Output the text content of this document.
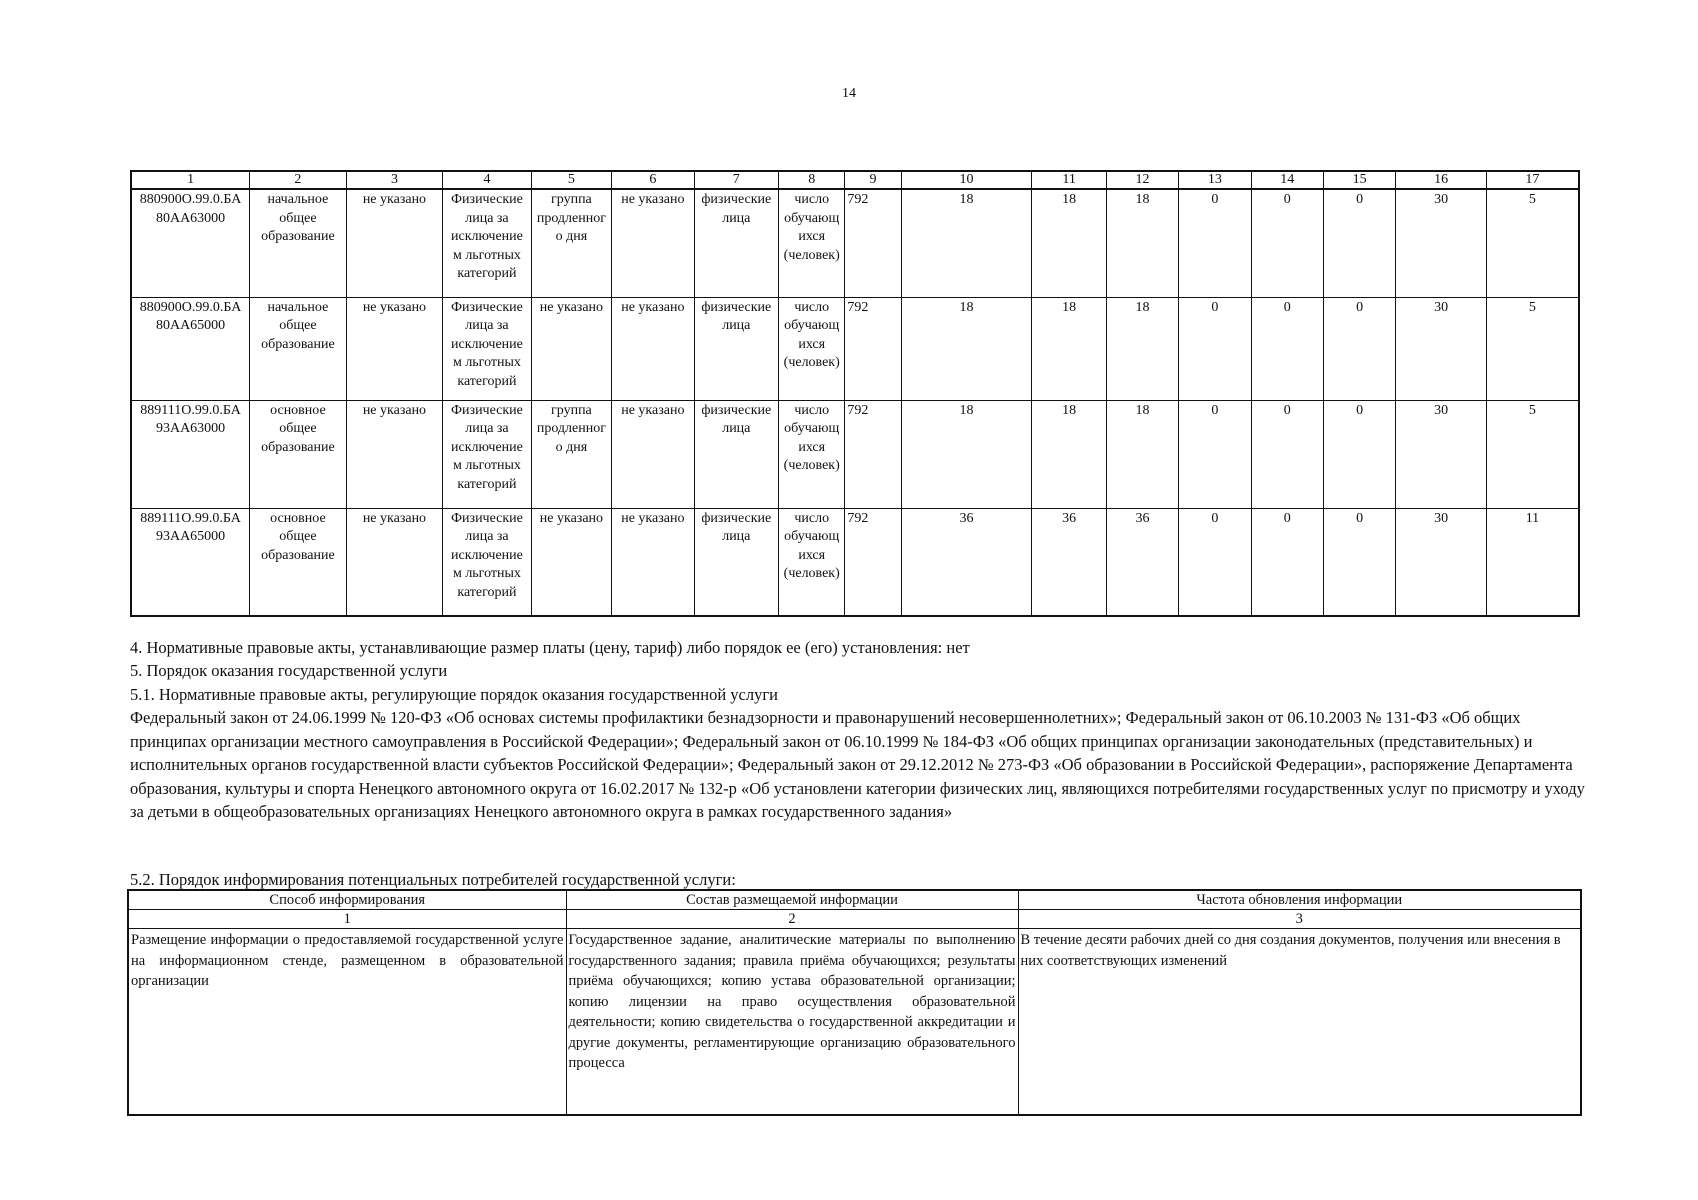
14
1	2	3	4	5	6	7	8	9	10	11	12	13	14	15	16	17
880900О.99.0.БА 80АА63000	начальное общее образование	не указано	Физические лица за исключение м льготных категорий	группа продленног о дня	не указано	физические лица	число обучающ ихся (человек)	792	18	18	18	0	0	0	30	5
880900О.99.0.БА 80АА65000	начальное общее образование	не указано	Физические лица за исключение м льготных категорий	не указано	не указано	физические лица	число обучающ ихся (человек)	792	18	18	18	0	0	0	30	5
889111О.99.0.БА 93АА63000	основное общее образование	не указано	Физические лица за исключение м льготных категорий	группа продленног о дня	не указано	физические лица	число обучающ ихся (человек)	792	18	18	18	0	0	0	30	5
889111О.99.0.БА 93АА65000	основное общее образование	не указано	Физические лица за исключение м льготных категорий	не указано	не указано	физические лица	число обучающ ихся (человек)	792	36	36	36	0	0	0	30	11
4. Нормативные правовые акты, устанавливающие размер платы (цену, тариф) либо порядок ее (его) установления: нет
5. Порядок оказания государственной услуги
5.1. Нормативные правовые акты, регулирующие порядок оказания государственной услуги
Федеральный закон от 24.06.1999 № 120-ФЗ «Об основах системы профилактики безнадзорности и правонарушений несовершеннолетних»; Федеральный закон от 06.10.2003 № 131-ФЗ «Об общих принципах организации местного самоуправления в Российской Федерации»; Федеральный закон от 06.10.1999 № 184-ФЗ «Об общих принципах организации законодательных (представительных) и исполнительных органов государственной власти субъектов Российской Федерации»; Федеральный закон от 29.12.2012 № 273-ФЗ «Об образовании в Российской Федерации», распоряжение Департамента образования, культуры и спорта Ненецкого автономного округа от 16.02.2017 № 132-р «Об установлени категории физических лиц, являющихся потребителями государственных услуг по присмотру и уходу за детьми в общеобразовательных организациях Ненецкого автономного округа в рамках государственного задания»
5.2. Порядок информирования потенциальных потребителей государственной услуги:
Способ информирования	Состав размещаемой информации	Частота обновления информации
1	2	3
Размещение информации о предоставляемой государственной услуге на информационном стенде, размещенном в образовательной организации	Государственное задание, аналитические материалы по выполнению государственного задания; правила приёма обучающихся; результаты приёма обучающихся; копию устава образовательной организации; копию лицензии на право осуществления образовательной деятельности; копию свидетельства о государственной аккредитации и другие документы, регламентирующие организацию образовательного процесса	В течение десяти рабочих дней со дня создания документов, получения или внесения в них соответствующих изменений
